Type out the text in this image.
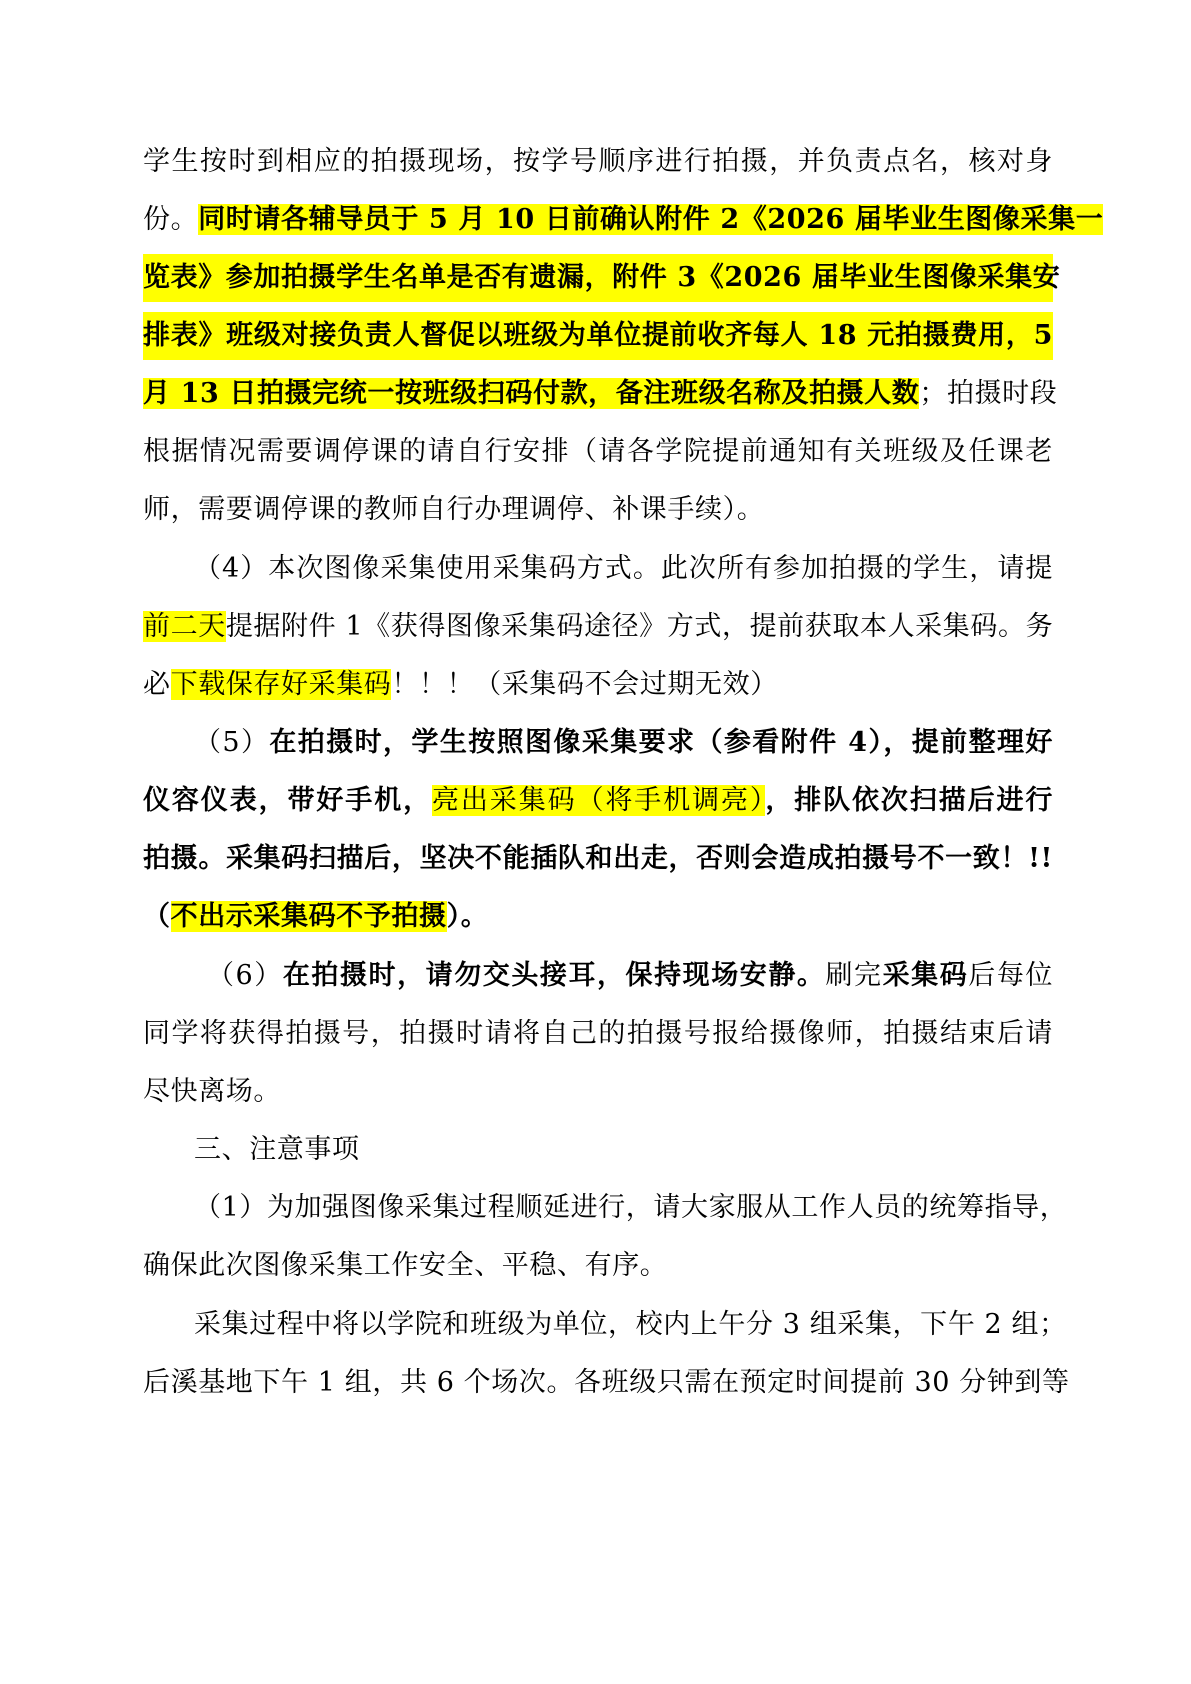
学生按时到相应的拍摄现场，按学号顺序进行拍摄，并负责点名，核对身
份。同时请各辅导员于 5 月 10 日前确认附件 2《2026 届毕业生图像采集一
览表》参加拍摄学生名单是否有遗漏，附件 3《2026 届毕业生图像采集安
排表》班级对接负责人督促以班级为单位提前收齐每人 18 元拍摄费用，5
月 13 日拍摄完统一按班级扫码付款，备注班级名称及拍摄人数；拍摄时段
根据情况需要调停课的请自行安排（请各学院提前通知有关班级及任课老
师，需要调停课的教师自行办理调停、补课手续）。
（4）本次图像采集使用采集码方式。此次所有参加拍摄的学生，请提
前二天提据附件 1《获得图像采集码途径》方式，提前获取本人采集码。务
必下载保存好采集码！！！（采集码不会过期无效）
（5）在拍摄时，学生按照图像采集要求（参看附件 4），提前整理好
仪容仪表，带好手机，亮出采集码（将手机调亮），排队依次扫描后进行
拍摄。采集码扫描后，坚决不能插队和出走，否则会造成拍摄号不一致！!!
（不出示采集码不予拍摄）。
（6）在拍摄时，请勿交头接耳，保持现场安静。刷完采集码后每位
同学将获得拍摄号，拍摄时请将自己的拍摄号报给摄像师，拍摄结束后请
尽快离场。
三、注意事项
（1）为加强图像采集过程顺延进行，请大家服从工作人员的统筹指导，
确保此次图像采集工作安全、平稳、有序。
采集过程中将以学院和班级为单位，校内上午分 3 组采集，下午 2 组；
后溪基地下午 1 组，共 6 个场次。各班级只需在预定时间提前 30 分钟到等
